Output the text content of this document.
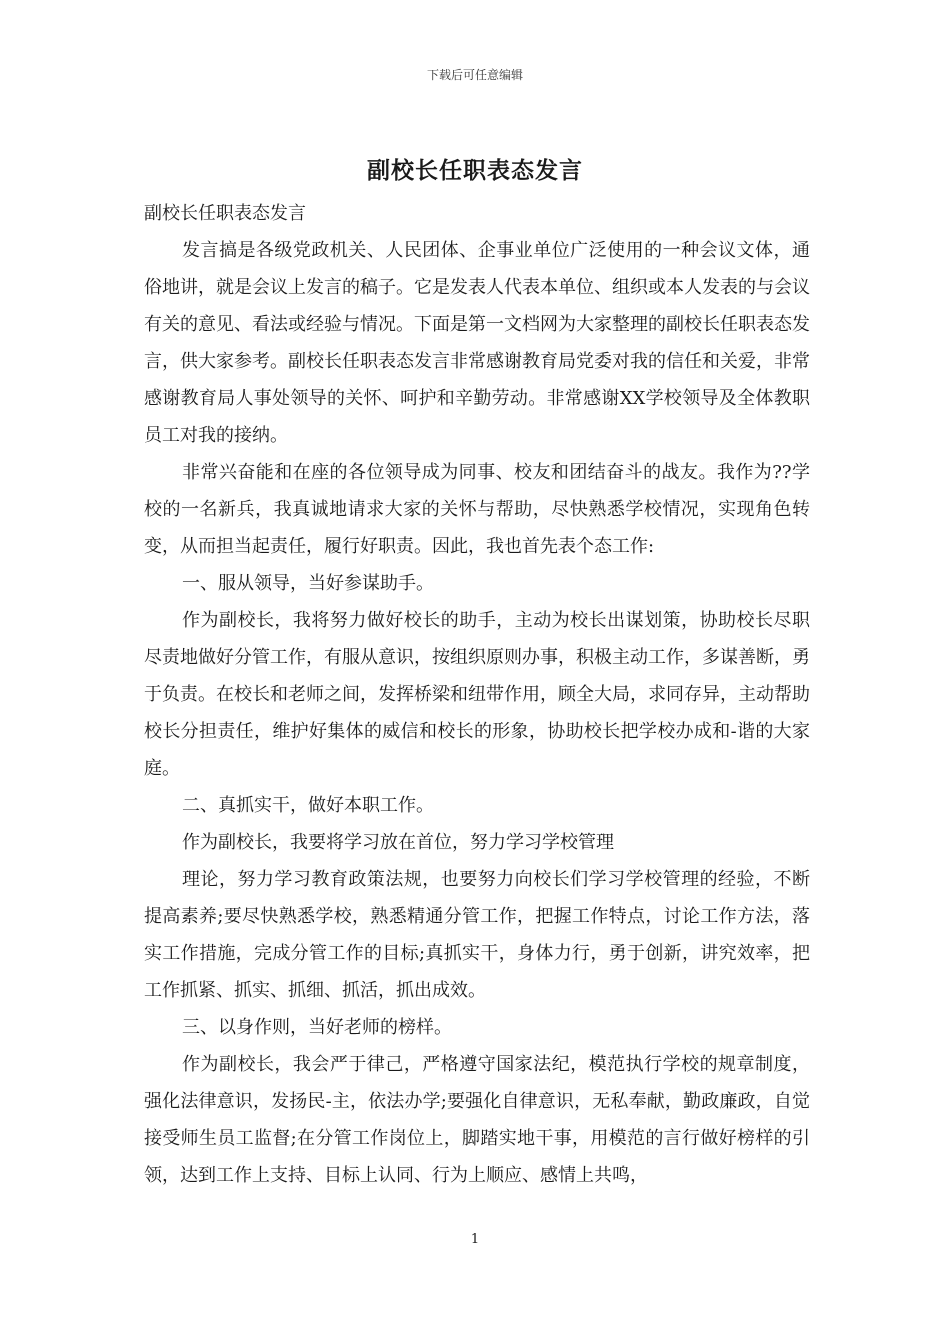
下载后可任意编辑
副校长任职表态发言

副校长任职表态发言

发言搞是各级党政机关、人民团体、企事业单位广泛使用的一种会议文体，通俗地讲，就是会议上发言的稿子。它是发表人代表本单位、组织或本人发表的与会议有关的意见、看法或经验与情况。下面是第一文档网为大家整理的副校长任职表态发言，供大家参考。副校长任职表态发言非常感谢教育局党委对我的信任和关爱，非常感谢教育局人事处领导的关怀、呵护和辛勤劳动。非常感谢XX学校领导及全体教职员工对我的接纳。

非常兴奋能和在座的各位领导成为同事、校友和团结奋斗的战友。我作为??学校的一名新兵，我真诚地请求大家的关怀与帮助，尽快熟悉学校情况，实现角色转变，从而担当起责任，履行好职责。因此，我也首先表个态工作:

一、服从领导，当好参谋助手。

作为副校长，我将努力做好校长的助手，主动为校长出谋划策，协助校长尽职尽责地做好分管工作，有服从意识，按组织原则办事，积极主动工作，多谋善断，勇于负责。在校长和老师之间，发挥桥梁和纽带作用，顾全大局，求同存异，主动帮助校长分担责任，维护好集体的威信和校长的形象，协助校长把学校办成和-谐的大家庭。

二、真抓实干，做好本职工作。

作为副校长，我要将学习放在首位，努力学习学校管理

理论，努力学习教育政策法规，也要努力向校长们学习学校管理的经验，不断提高素养;要尽快熟悉学校，熟悉精通分管工作，把握工作特点，讨论工作方法，落实工作措施，完成分管工作的目标;真抓实干，身体力行，勇于创新，讲究效率，把工作抓紧、抓实、抓细、抓活，抓出成效。

三、以身作则，当好老师的榜样。

作为副校长，我会严于律己，严格遵守国家法纪，模范执行学校的规章制度，强化法律意识，发扬民-主，依法办学;要强化自律意识，无私奉献，勤政廉政，自觉接受师生员工监督;在分管工作岗位上，脚踏实地干事，用模范的言行做好榜样的引领，达到工作上支持、目标上认同、行为上顺应、感情上共鸣，

1
